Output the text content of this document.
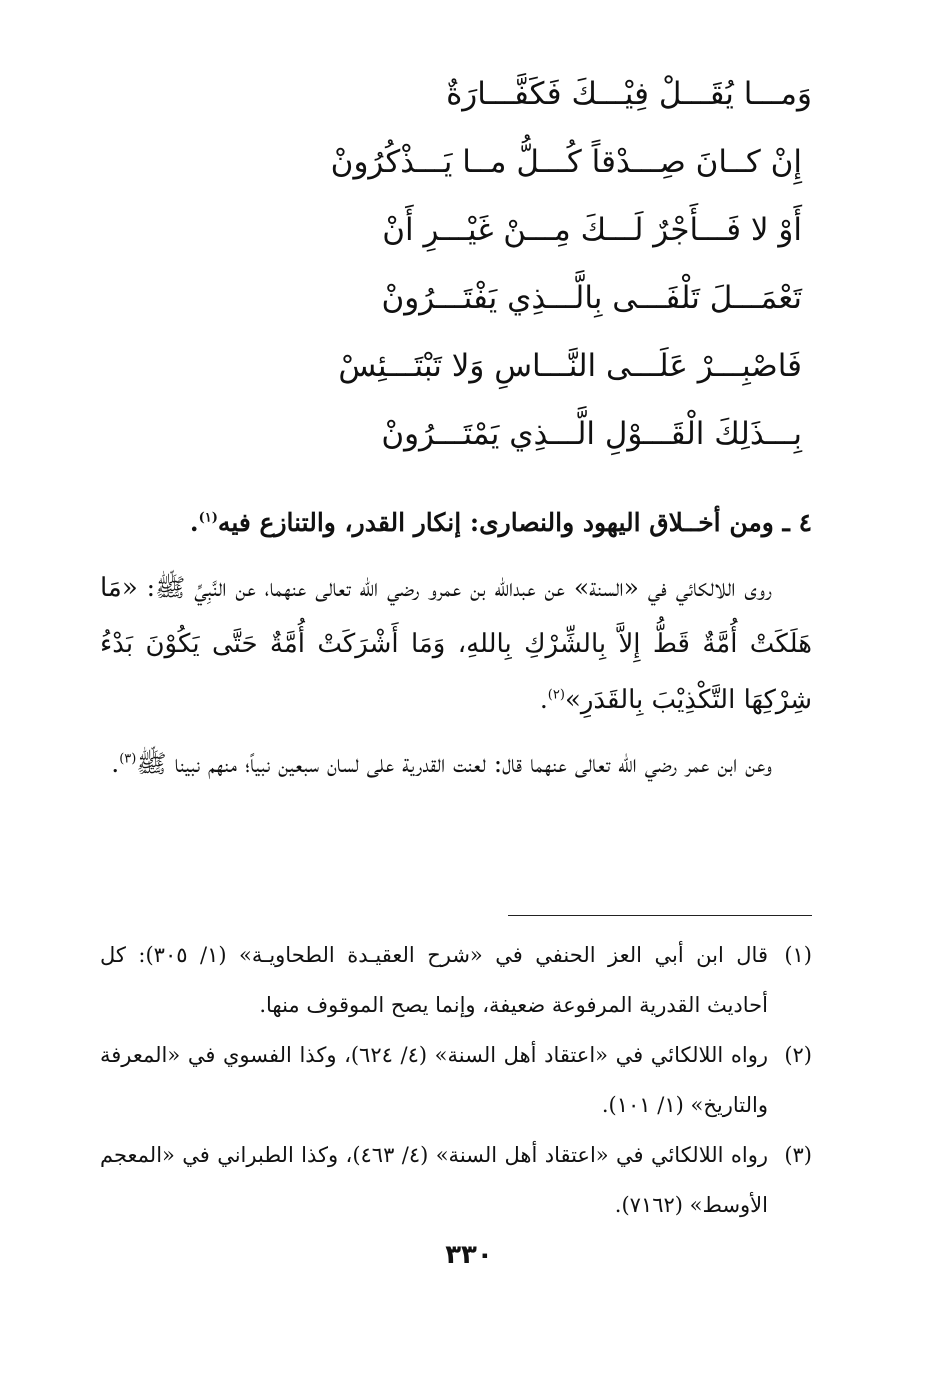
وَمـــا يُقَـــلْ فِيْـــكَ فَكَفَّـــارَةٌ
إِنْ كــانَ صِـــدْقاً كُـــلُّ مــا يَـــذْكُرُونْ
أَوْ لا فَـــأَجْرٌ لَـــكَ مِـــنْ غَيْـــرِ أَنْ
تَعْمَـــلَ تَلْفَـــى بِالَّـــذِي يَفْتَـــرُونْ
فَاصْبِـــرْ عَلَـــى النَّـــاسِ وَلا تَبْتَـــئِسْ
بِـــذَلِكَ الْقَـــوْلِ الَّـــذِي يَمْتَـــرُونْ
٤ ـ ومن أخــلاق اليهود والنصارى: إنكار القدر، والتنازع فيه$^{(١)}$.
روى اللالكائي في «السنة» عن عبدالله بن عمرو رضي الله تعالى عنهما، عن النَّبِيِّ ﷺ: «مَا هَلَكَتْ أُمَّةٌ قَطُّ إِلاَّ بِالشِّرْكِ بِاللهِ، وَمَا أَشْرَكَتْ أُمَّةٌ حَتَّى يَكُوْنَ بَدْءُ شِرْكِهَا التَّكْذِيْبَ بِالقَدَرِ»$^{(٢)}$.
وعن ابن عمر رضي الله تعالى عنهما قال: لعنت القدرية على لسان سبعين نبياً؛ منهم نبينا ﷺ$^{(٣)}$.
(١)
قال ابن أبي العز الحنفي في «شرح العقيـدة الطحاويـة» (١/ ٣٠٥): كل أحاديث القدرية المرفوعة ضعيفة، وإنما يصح الموقوف منها.
(٢)
رواه اللالكائي في «اعتقاد أهل السنة» (٤/ ٦٢٤)، وكذا الفسوي في «المعرفة والتاريخ» (١/ ١٠١).
(٣)
رواه اللالكائي في «اعتقاد أهل السنة» (٤/ ٤٦٣)، وكذا الطبراني في «المعجم الأوسط» (٧١٦٢).
٣٣٠
